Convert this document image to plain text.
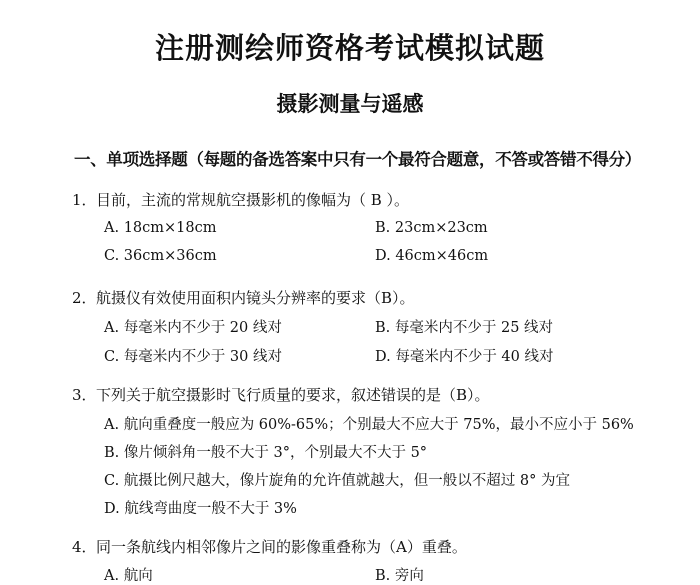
注册测绘师资格考试模拟试题
摄影测量与遥感
一、单项选择题（每题的备选答案中只有一个最符合题意，不答或答错不得分）
1．目前，主流的常规航空摄影机的像幅为（ B ）。
A. 18cm×18cm	B. 23cm×23cm
C. 36cm×36cm	D. 46cm×46cm
2．航摄仪有效使用面积内镜头分辨率的要求（B）。
A. 每毫米内不少于 20 线对	B. 每毫米内不少于 25 线对
C. 每毫米内不少于 30 线对	D. 每毫米内不少于 40 线对
3．下列关于航空摄影时飞行质量的要求，叙述错误的是（B）。
A. 航向重叠度一般应为 60%-65%；个别最大不应大于 75%，最小不应小于 56%
B. 像片倾斜角一般不大于 3°，个别最大不大于 5°
C. 航摄比例尺越大，像片旋角的允许值就越大，但一般以不超过 8° 为宜
D. 航线弯曲度一般不大于 3%
4．同一条航线内相邻像片之间的影像重叠称为（A）重叠。
A. 航向	B. 旁向
